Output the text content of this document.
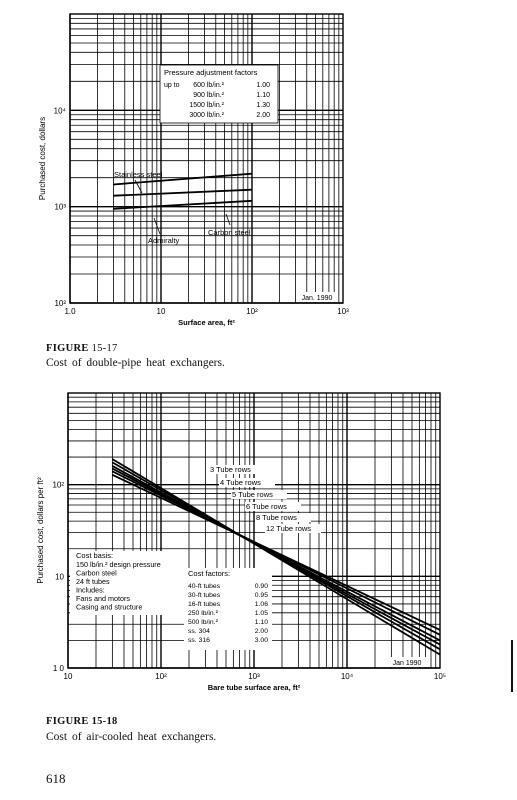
1.0	10	10²	10³
10²
10³
10⁴
Surface area, ft²
Purchased cost, dollars
Pressure adjustment factors
up to 600 lb/in.²	1.00
900 lb/in.²	1.10
1500 lb/in.²	1.30
3000 lb/in.²	2.00
Stainless steel
Carbon steel
Admiralty
Jan. 1990
10	10²	10³	10⁴	10⁵
1 0
10
10²
Bare tube surface area, ft²
Purchased cost, dollars per ft²
3 Tube rows
4 Tube rows
5 Tube rows
6 Tube rows
8 Tube rows
12 Tube rows
Cost basis:
150 lb/in.² design pressure
Carbon steel
24 ft tubes
Includes:
Fans and motors
Casing and structure
Cost factors:
40-ft tubes	0.90
30-ft tubes	0.95
16-ft tubes	1.06
250 lb/in.²	1.05
500 lb/in.²	1.10
ss. 304	2.00
ss. 316	3.00
Jan 1990
FIGURE 15-17
Cost of double-pipe heat exchangers.
FIGURE 15-18
Cost of air-cooled heat exchangers.
618
